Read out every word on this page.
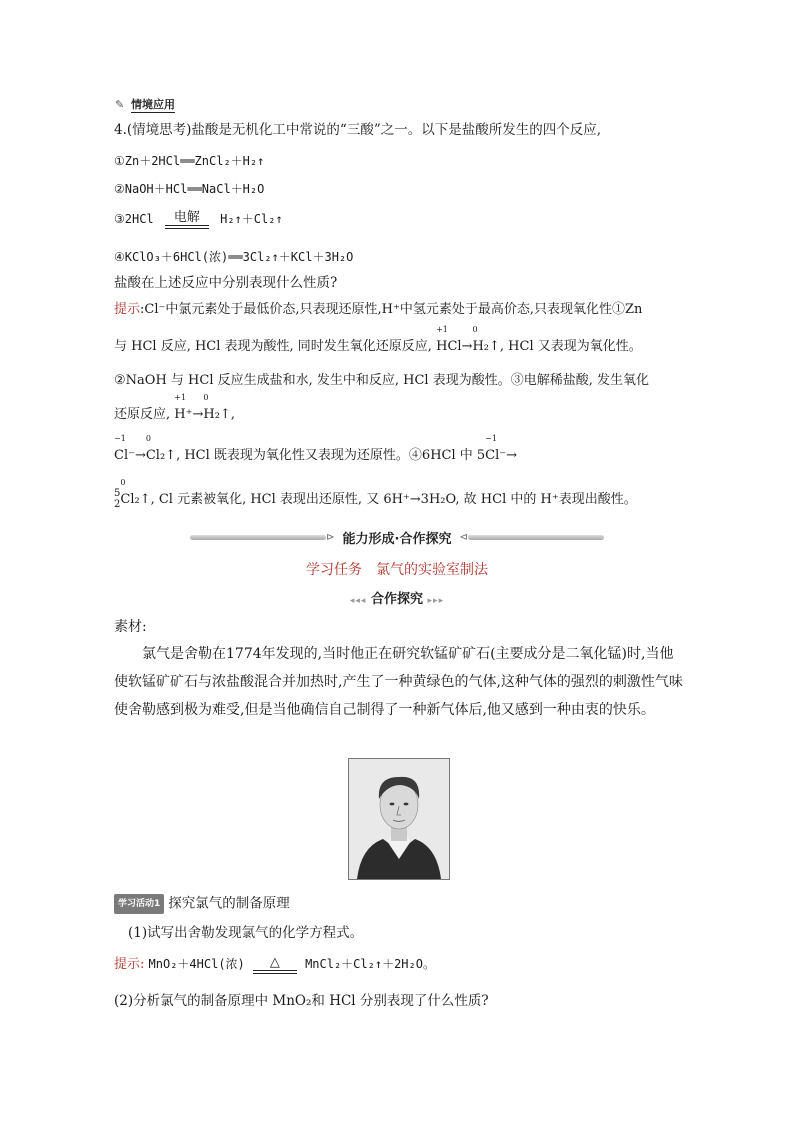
✎ 情境应用
4.(情境思考)盐酸是无机化工中常说的“三酸”之一。以下是盐酸所发生的四个反应,
①Zn＋2HCl══ZnCl₂＋H₂↑
②NaOH＋HCl══NaCl＋H₂O
③2HCl	电解	H₂↑＋Cl₂↑
④KClO₃＋6HCl(浓)══3Cl₂↑＋KCl＋3H₂O
盐酸在上述反应中分别表现什么性质?
提示:Cl⁻中氯元素处于最低价态,只表现还原性,H⁺中氢元素处于最高价态,只表现氧化性①Zn
与 HCl 反应, HCl 表现为酸性, 同时发生氧化还原反应,
+1
HCl→
0
H₂↑, HCl 又表现为氧化性。
②NaOH 与 HCl 反应生成盐和水, 发生中和反应, HCl 表现为酸性。③电解稀盐酸, 发生氧化
还原反应,
+1
H⁺→
0
H₂↑,
−1
Cl⁻→
0
Cl₂↑, HCl 既表现为氧化性又表现为还原性。④6HCl 中 5
−1
Cl⁻→
5
2
0
Cl₂↑, Cl 元素被氧化, HCl 表现出还原性, 又 6H⁺→3H₂O, 故 HCl 中的 H⁺表现出酸性。
⊳ 能力形成·合作探究 ⊲
学习任务　氯气的实验室制法
◂◂◂ 合作探究 ▸▸▸
素材:
氯气是舍勒在1774年发现的,当时他正在研究软锰矿矿石(主要成分是二氧化锰)时,当他使软锰矿矿石与浓盐酸混合并加热时,产生了一种黄绿色的气体,这种气体的强烈的刺激性气味使舍勒感到极为难受,但是当他确信自己制得了一种新气体后,他又感到一种由衷的快乐。
学习活动1 探究氯气的制备原理
(1)试写出舍勒发现氯气的化学方程式。
提示: MnO₂＋4HCl(浓)	△	MnCl₂＋Cl₂↑＋2H₂O。
(2)分析氯气的制备原理中 MnO₂和 HCl 分别表现了什么性质?
